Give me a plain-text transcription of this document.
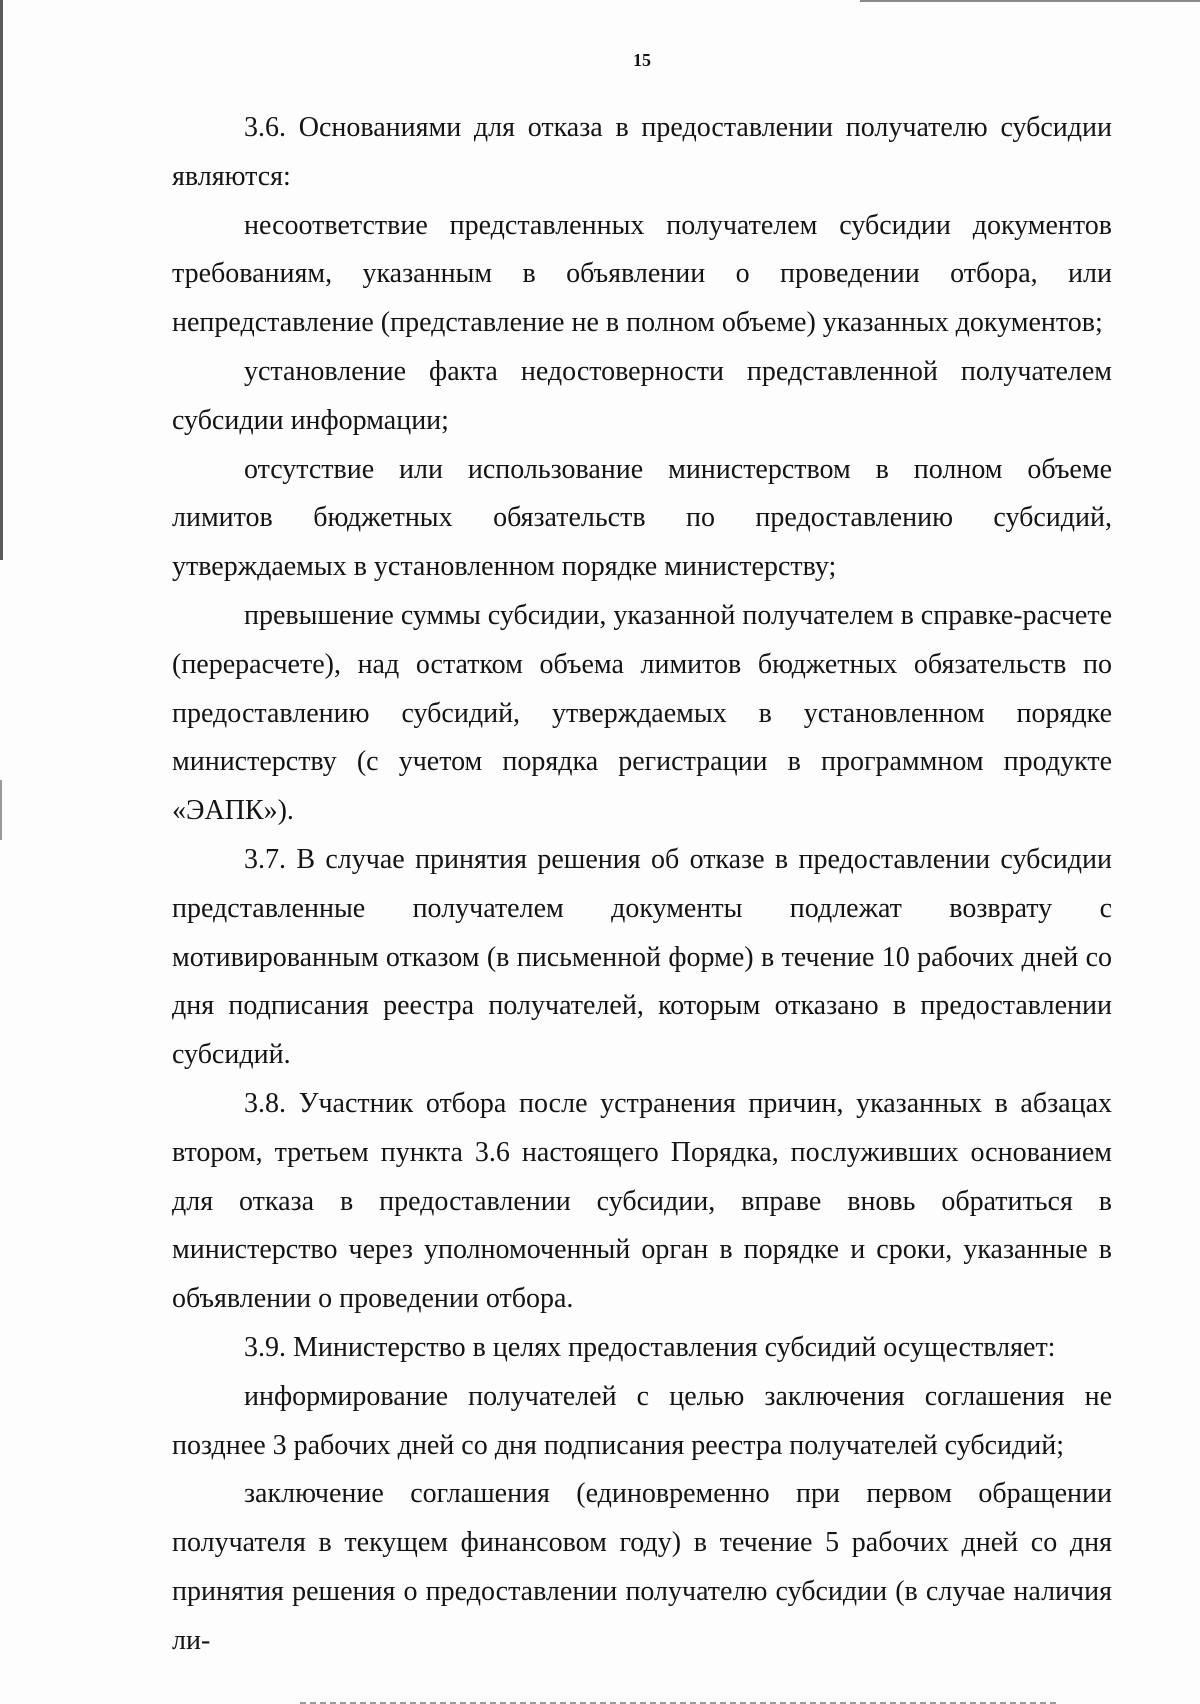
15

3.6. Основаниями для отказа в предоставлении получателю субсидии являются:

несоответствие представленных получателем субсидии документов требованиям, указанным в объявлении о проведении отбора, или непредставление (представление не в полном объеме) указанных документов;

установление факта недостоверности представленной получателем субсидии информации;

отсутствие или использование министерством в полном объеме лимитов бюджетных обязательств по предоставлению субсидий, утверждаемых в установленном порядке министерству;

превышение суммы субсидии, указанной получателем в справке-расчете (перерасчете), над остатком объема лимитов бюджетных обязательств по предоставлению субсидий, утверждаемых в установленном порядке министерству (с учетом порядка регистрации в программном продукте «ЭАПК»).

3.7. В случае принятия решения об отказе в предоставлении субсидии представленные получателем документы подлежат возврату с мотивированным отказом (в письменной форме) в течение 10 рабочих дней со дня подписания реестра получателей, которым отказано в предоставлении субсидий.

3.8. Участник отбора после устранения причин, указанных в абзацах втором, третьем пункта 3.6 настоящего Порядка, послуживших основанием для отказа в предоставлении субсидии, вправе вновь обратиться в министерство через уполномоченный орган в порядке и сроки, указанные в объявлении о проведении отбора.

3.9. Министерство в целях предоставления субсидий осуществляет:

информирование получателей с целью заключения соглашения не позднее 3 рабочих дней со дня подписания реестра получателей субсидий;

заключение соглашения (единовременно при первом обращении получателя в текущем финансовом году) в течение 5 рабочих дней со дня принятия решения о предоставлении получателю субсидии (в случае наличия ли-
